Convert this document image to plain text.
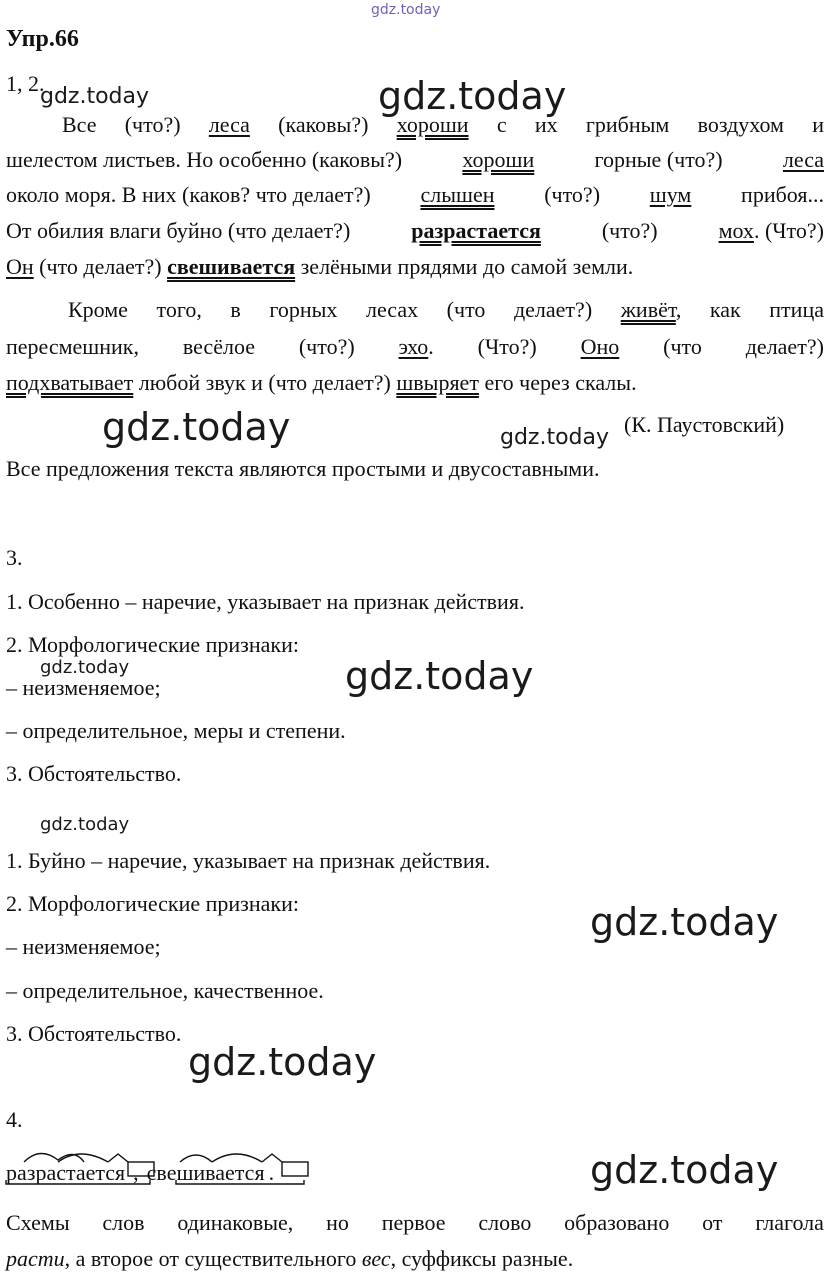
gdz.today
gdz.today
gdz.today
gdz.today	gdz.today
gdz.today	gdz.today
gdz.today
gdz.today
gdz.today
gdz.today
Упр.66
1, 2.
Все (что?) леса (каковы?) хороши с их грибным воздухом и
шелестом листьев. Но особенно (каковы?)	хороши	горные (что?)	леса
около моря. В них (каков? что делает?) слышен (что?) шум прибоя...
От обилия влаги буйно (что делает?)	разрастается	(что?)	мох. (Что?)
Он (что делает?) свешивается зелёными прядями до самой земли.
Кроме того, в горных лесах (что делает?) живёт, как птица
пересмешник, весёлое (что?) эхо. (Что?) Оно (что делает?)
подхватывает любой звук и (что делает?) швыряет его через скалы.
(К. Паустовский)
Все предложения текста являются простыми и двусоставными.
3.
1. Особенно – наречие, указывает на признак действия.
2. Морфологические признаки:
– неизменяемое;
– определительное, меры и степени.
3. Обстоятельство.
1. Буйно – наречие, указывает на признак действия.
2. Морфологические признаки:
– неизменяемое;
– определительное, качественное.
3. Обстоятельство.
4.
разрастается , свешивается .
Схемы слов одинаковые, но первое слово образовано от глагола
расти, а второе от существительного вес, суффиксы разные.
